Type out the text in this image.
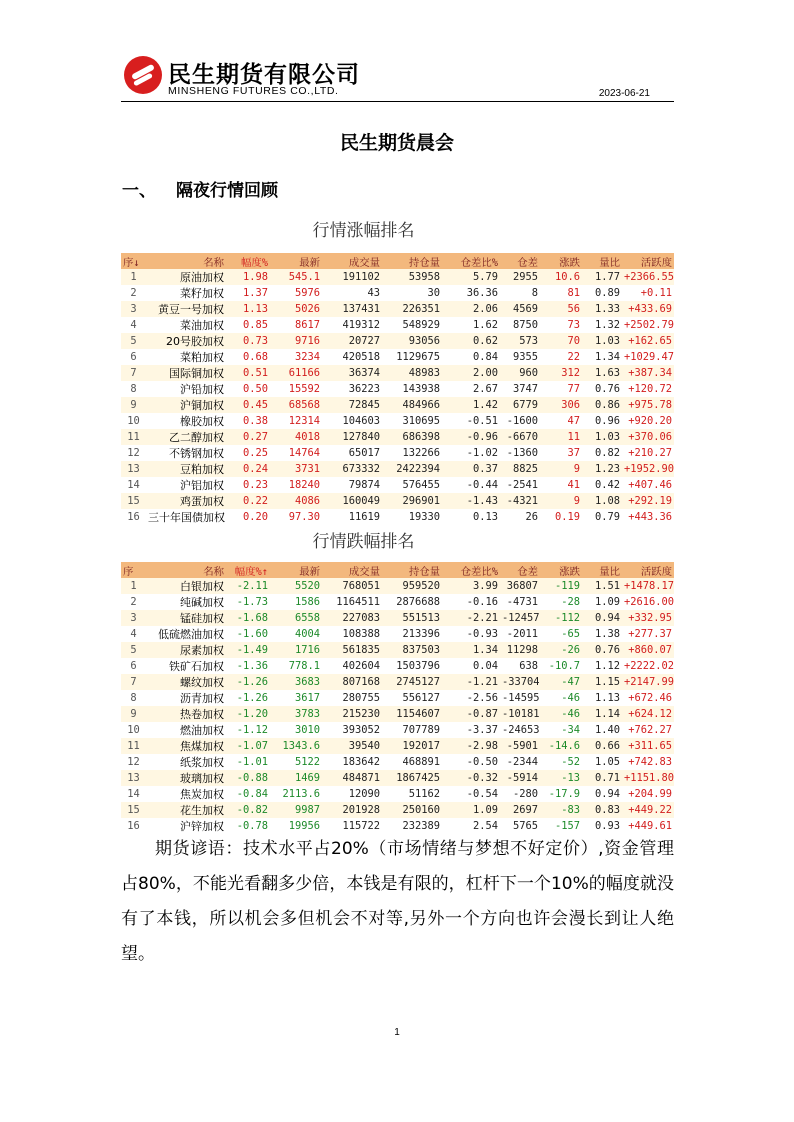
民生期货有限公司
MINSHENG FUTURES CO.,LTD.	2023-06-21
民生期货晨会
一、 隔夜行情回顾
行情涨幅排名
序↓	名称	幅度%	最新	成交量	持仓量	仓差比%	仓差	涨跌	量比	活跃度
1	原油加权	1.98	545.1	191102	53958	5.79	2955	10.6	1.77	+2366.55
2	菜籽加权	1.37	5976	43	30	36.36	8	81	0.89	+0.11
3	黄豆一号加权	1.13	5026	137431	226351	2.06	4569	56	1.33	+433.69
4	菜油加权	0.85	8617	419312	548929	1.62	8750	73	1.32	+2502.79
5	20号胶加权	0.73	9716	20727	93056	0.62	573	70	1.03	+162.65
6	菜粕加权	0.68	3234	420518	1129675	0.84	9355	22	1.34	+1029.47
7	国际铜加权	0.51	61166	36374	48983	2.00	960	312	1.63	+387.34
8	沪铅加权	0.50	15592	36223	143938	2.67	3747	77	0.76	+120.72
9	沪铜加权	0.45	68568	72845	484966	1.42	6779	306	0.86	+975.78
10	橡胶加权	0.38	12314	104603	310695	-0.51	-1600	47	0.96	+920.20
11	乙二醇加权	0.27	4018	127840	686398	-0.96	-6670	11	1.03	+370.06
12	不锈钢加权	0.25	14764	65017	132266	-1.02	-1360	37	0.82	+210.27
13	豆粕加权	0.24	3731	673332	2422394	0.37	8825	9	1.23	+1952.90
14	沪铝加权	0.23	18240	79874	576455	-0.44	-2541	41	0.42	+407.46
15	鸡蛋加权	0.22	4086	160049	296901	-1.43	-4321	9	1.08	+292.19
16	三十年国债加权	0.20	97.30	11619	19330	0.13	26	0.19	0.79	+443.36
行情跌幅排名
序	名称	幅度%↑	最新	成交量	持仓量	仓差比%	仓差	涨跌	量比	活跃度
1	白银加权	-2.11	5520	768051	959520	3.99	36807	-119	1.51	+1478.17
2	纯碱加权	-1.73	1586	1164511	2876688	-0.16	-4731	-28	1.09	+2616.00
3	锰硅加权	-1.68	6558	227083	551513	-2.21	-12457	-112	0.94	+332.95
4	低硫燃油加权	-1.60	4004	108388	213396	-0.93	-2011	-65	1.38	+277.37
5	尿素加权	-1.49	1716	561835	837503	1.34	11298	-26	0.76	+860.07
6	铁矿石加权	-1.36	778.1	402604	1503796	0.04	638	-10.7	1.12	+2222.02
7	螺纹加权	-1.26	3683	807168	2745127	-1.21	-33704	-47	1.15	+2147.99
8	沥青加权	-1.26	3617	280755	556127	-2.56	-14595	-46	1.13	+672.46
9	热卷加权	-1.20	3783	215230	1154607	-0.87	-10181	-46	1.14	+624.12
10	燃油加权	-1.12	3010	393052	707789	-3.37	-24653	-34	1.40	+762.27
11	焦煤加权	-1.07	1343.6	39540	192017	-2.98	-5901	-14.6	0.66	+311.65
12	纸浆加权	-1.01	5122	183642	468891	-0.50	-2344	-52	1.05	+742.83
13	玻璃加权	-0.88	1469	484871	1867425	-0.32	-5914	-13	0.71	+1151.80
14	焦炭加权	-0.84	2113.6	12090	51162	-0.54	-280	-17.9	0.94	+204.99
15	花生加权	-0.82	9987	201928	250160	1.09	2697	-83	0.83	+449.22
16	沪锌加权	-0.78	19956	115722	232389	2.54	5765	-157	0.93	+449.61

期货谚语：技术水平占20%（市场情绪与梦想不好定价）,资金管理占80%，不能光看翻多少倍，本钱是有限的，杠杆下一个10%的幅度就没有了本钱，所以机会多但机会不对等,另外一个方向也许会漫长到让人绝望。

1
